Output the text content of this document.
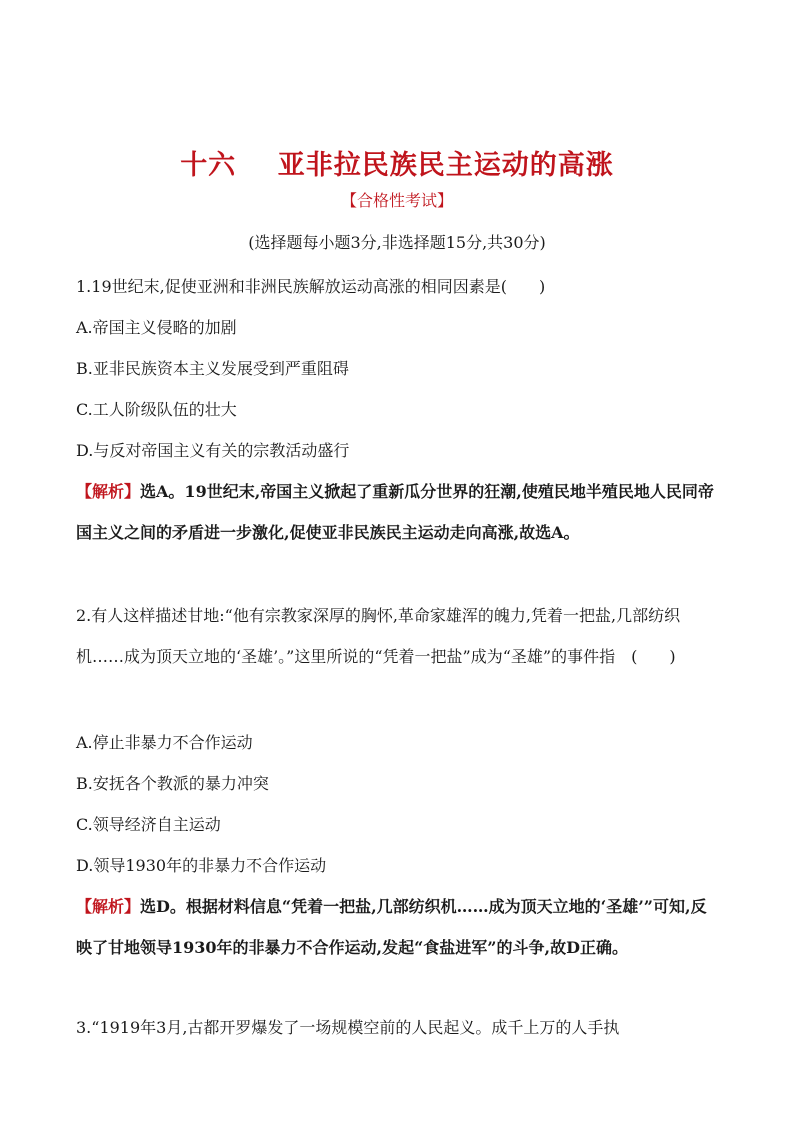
十六    亚非拉民族民主运动的高涨
【合格性考试】
(选择题每小题3分,非选择题15分,共30分)
1.19世纪末,促使亚洲和非洲民族解放运动高涨的相同因素是(　　)
A.帝国主义侵略的加剧
B.亚非民族资本主义发展受到严重阻碍
C.工人阶级队伍的壮大
D.与反对帝国主义有关的宗教活动盛行
【解析】选A。19世纪末,帝国主义掀起了重新瓜分世界的狂潮,使殖民地半殖民地人民同帝国主义之间的矛盾进一步激化,促使亚非民族民主运动走向高涨,故选A。
2.有人这样描述甘地:“他有宗教家深厚的胸怀,革命家雄浑的魄力,凭着一把盐,几部纺织机……成为顶天立地的‘圣雄’。”这里所说的“凭着一把盐”成为“圣雄”的事件指　(　　)
A.停止非暴力不合作运动
B.安抚各个教派的暴力冲突
C.领导经济自主运动
D.领导1930年的非暴力不合作运动
【解析】选D。根据材料信息“凭着一把盐,几部纺织机……成为顶天立地的‘圣雄’”可知,反映了甘地领导1930年的非暴力不合作运动,发起“食盐进军”的斗争,故D正确。
3.“1919年3月,古都开罗爆发了一场规模空前的人民起义。成千上万的人手执
